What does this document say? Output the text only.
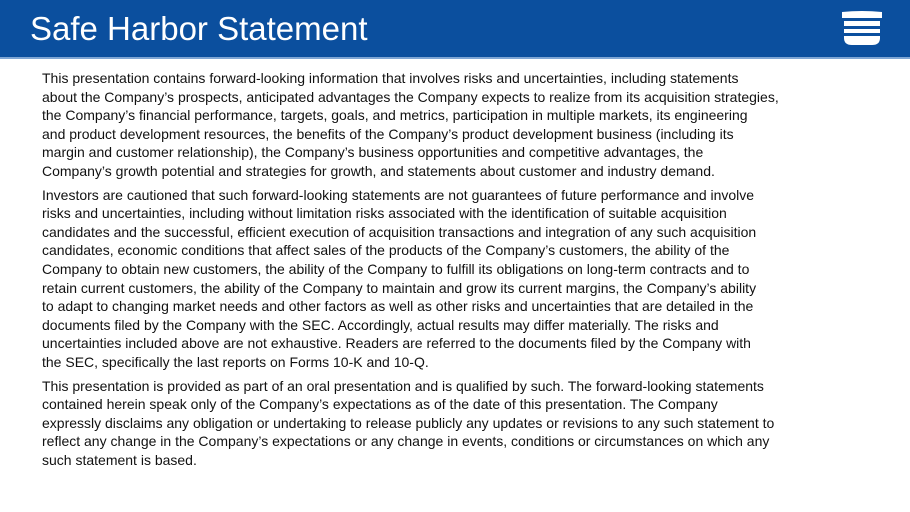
Safe Harbor Statement
This presentation contains forward-looking information that involves risks and uncertainties, including statements
about the Company’s prospects, anticipated advantages the Company expects to realize from its acquisition strategies,
the Company’s financial performance, targets, goals, and metrics, participation in multiple markets, its engineering
and product development resources, the benefits of the Company’s product development business (including its
margin and customer relationship), the Company’s business opportunities and competitive advantages, the
Company’s growth potential and strategies for growth, and statements about customer and industry demand.
Investors are cautioned that such forward-looking statements are not guarantees of future performance and involve
risks and uncertainties, including without limitation risks associated with the identification of suitable acquisition
candidates and the successful, efficient execution of acquisition transactions and integration of any such acquisition
candidates, economic conditions that affect sales of the products of the Company’s customers, the ability of the
Company to obtain new customers, the ability of the Company to fulfill its obligations on long-term contracts and to
retain current customers, the ability of the Company to maintain and grow its current margins, the Company’s ability
to adapt to changing market needs and other factors as well as other risks and uncertainties that are detailed in the
documents filed by the Company with the SEC. Accordingly, actual results may differ materially. The risks and
uncertainties included above are not exhaustive. Readers are referred to the documents filed by the Company with
the SEC, specifically the last reports on Forms 10-K and 10-Q.
This presentation is provided as part of an oral presentation and is qualified by such. The forward-looking statements
contained herein speak only of the Company’s expectations as of the date of this presentation. The Company
expressly disclaims any obligation or undertaking to release publicly any updates or revisions to any such statement to
reflect any change in the Company’s expectations or any change in events, conditions or circumstances on which any
such statement is based.
